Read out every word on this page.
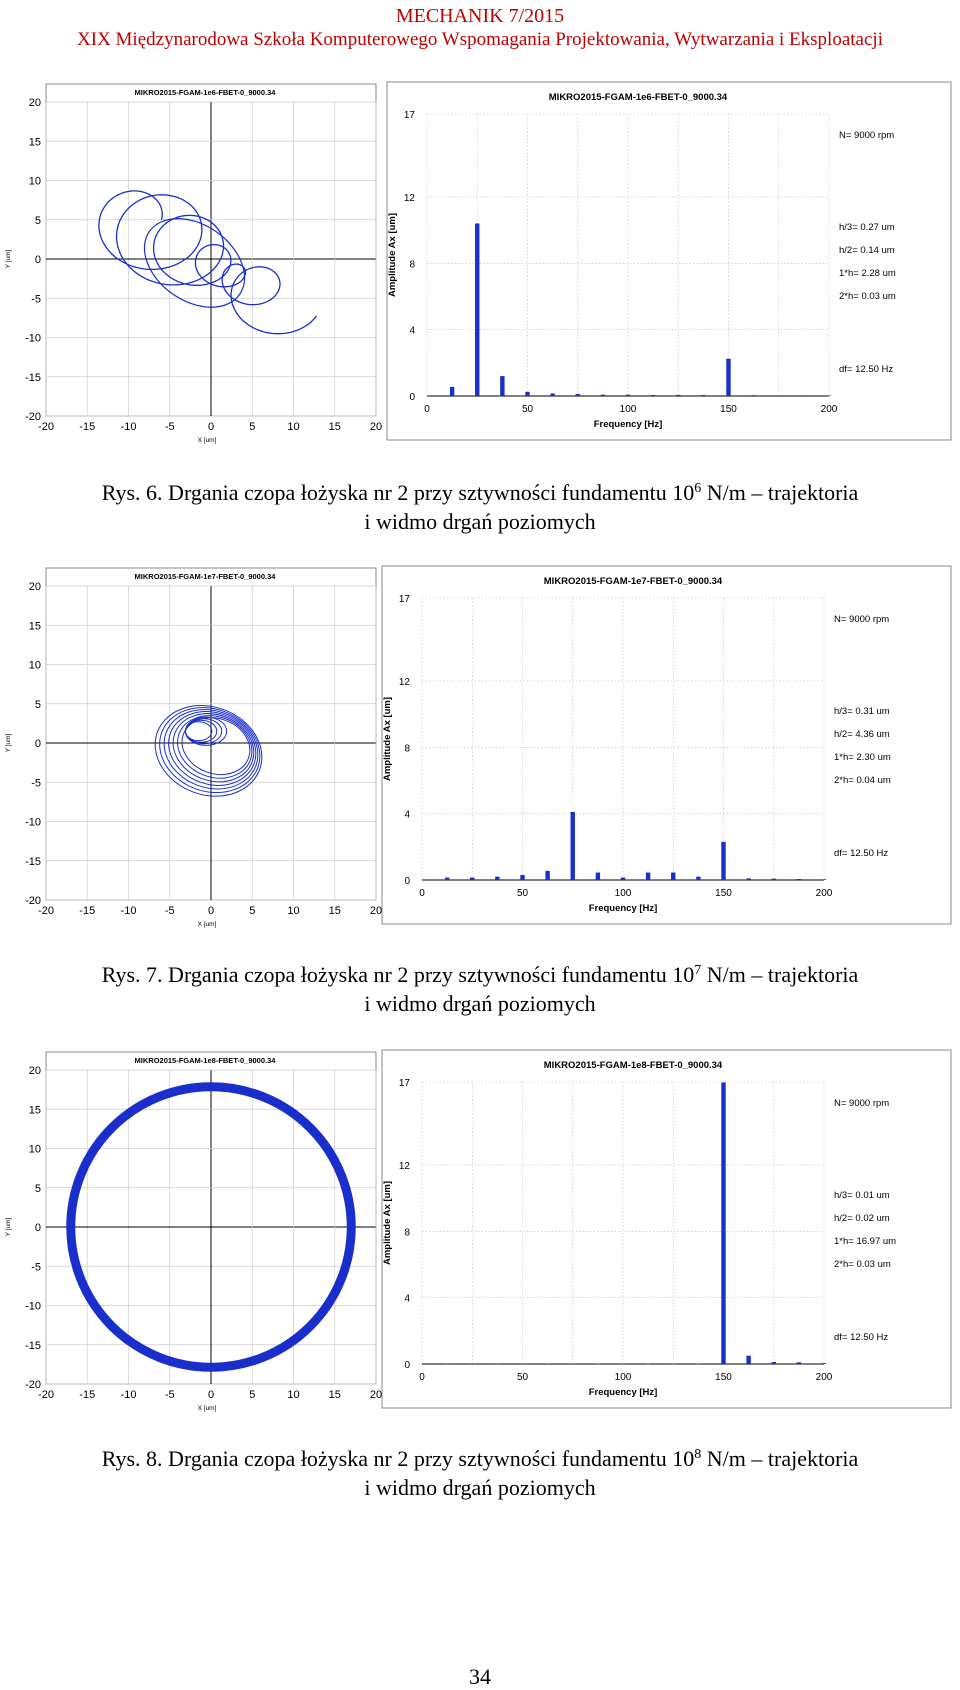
MECHANIK 7/2015
XIX Międzynarodowa Szkoła Komputerowego Wspomagania Projektowania, Wytwarzania i Eksploatacji
MIKRO2015-FGAM-1e6-FBET-0_9000.34
-20 -15 -10	-5	0	5	10	15	20
20
15
10
5
0
-5
-10
-15
-20
X [um]
Y [um]
MIKRO2015-FGAM-1e6-FBET-0_9000.34
17
12
8
4
0
0	50	100	150	200
Frequency [Hz]
Amplitude Ax [um]
N= 9000 rpm
h/3= 0.27 um
h/2= 0.14 um
1*h= 2.28 um
2*h= 0.03 um
df= 12.50 Hz
Rys. 6. Drgania czopa łożyska nr 2 przy sztywności fundamentu $10^6$ N/m – trajektoria
i widmo drgań poziomych
MIKRO2015-FGAM-1e7-FBET-0_9000.34
-20 -15 -10	-5	0	5	10	15	20
20
15
10
5
0
-5
-10
-15
-20
X [um]
Y [um]
MIKRO2015-FGAM-1e7-FBET-0_9000.34
17
12
8
4
0
0	50	100	150	200
Frequency [Hz]
Amplitude Ax [um]
N= 9000 rpm
h/3= 0.31 um
h/2= 4.36 um
1*h= 2.30 um
2*h= 0.04 um
df= 12.50 Hz
Rys. 7. Drgania czopa łożyska nr 2 przy sztywności fundamentu $10^7$ N/m – trajektoria
i widmo drgań poziomych
MIKRO2015-FGAM-1e8-FBET-0_9000.34
-20 -15 -10	-5	0	5	10	15	20
20
15
10
5
0
-5
-10
-15
-20
X [um]
Y [um]
MIKRO2015-FGAM-1e8-FBET-0_9000.34
17
12
8
4
0
0	50	100	150	200
Frequency [Hz]
Amplitude Ax [um]
N= 9000 rpm
h/3= 0.01 um
h/2= 0.02 um
1*h= 16.97 um
2*h= 0.03 um
df= 12.50 Hz
Rys. 8. Drgania czopa łożyska nr 2 przy sztywności fundamentu $10^8$ N/m – trajektoria
i widmo drgań poziomych
34
